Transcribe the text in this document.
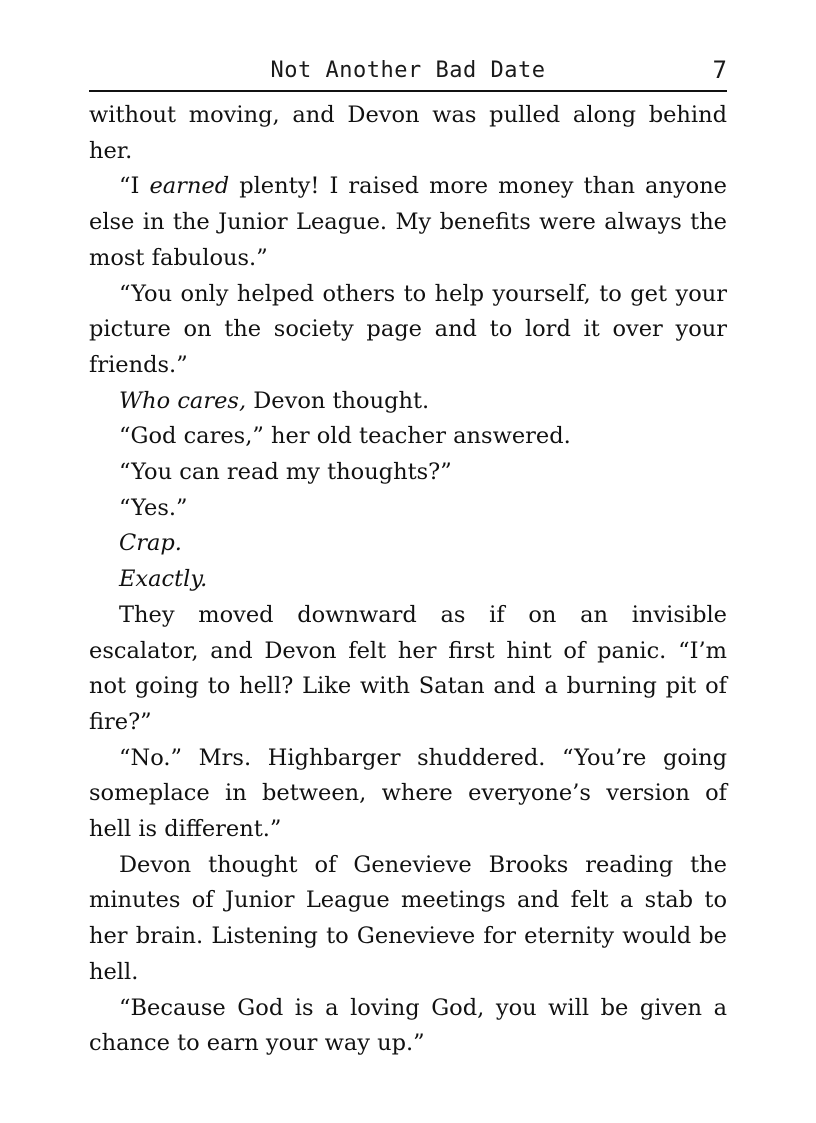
Not Another Bad Date	7

without moving, and Devon was pulled along behind her.

“I earned plenty! I raised more money than anyone else in the Junior League. My benefits were always the most fabulous.”

“You only helped others to help yourself, to get your picture on the society page and to lord it over your friends.”

Who cares, Devon thought.

“God cares,” her old teacher answered.

“You can read my thoughts?”

“Yes.”

Crap.

Exactly.

They moved downward as if on an invisible escalator, and Devon felt her first hint of panic. “I’m not going to hell? Like with Satan and a burning pit of fire?”

“No.” Mrs. Highbarger shuddered. “You’re going someplace in between, where everyone’s version of hell is different.”

Devon thought of Genevieve Brooks reading the minutes of Junior League meetings and felt a stab to her brain. Listening to Genevieve for eternity would be hell.

“Because God is a loving God, you will be given a chance to earn your way up.”
